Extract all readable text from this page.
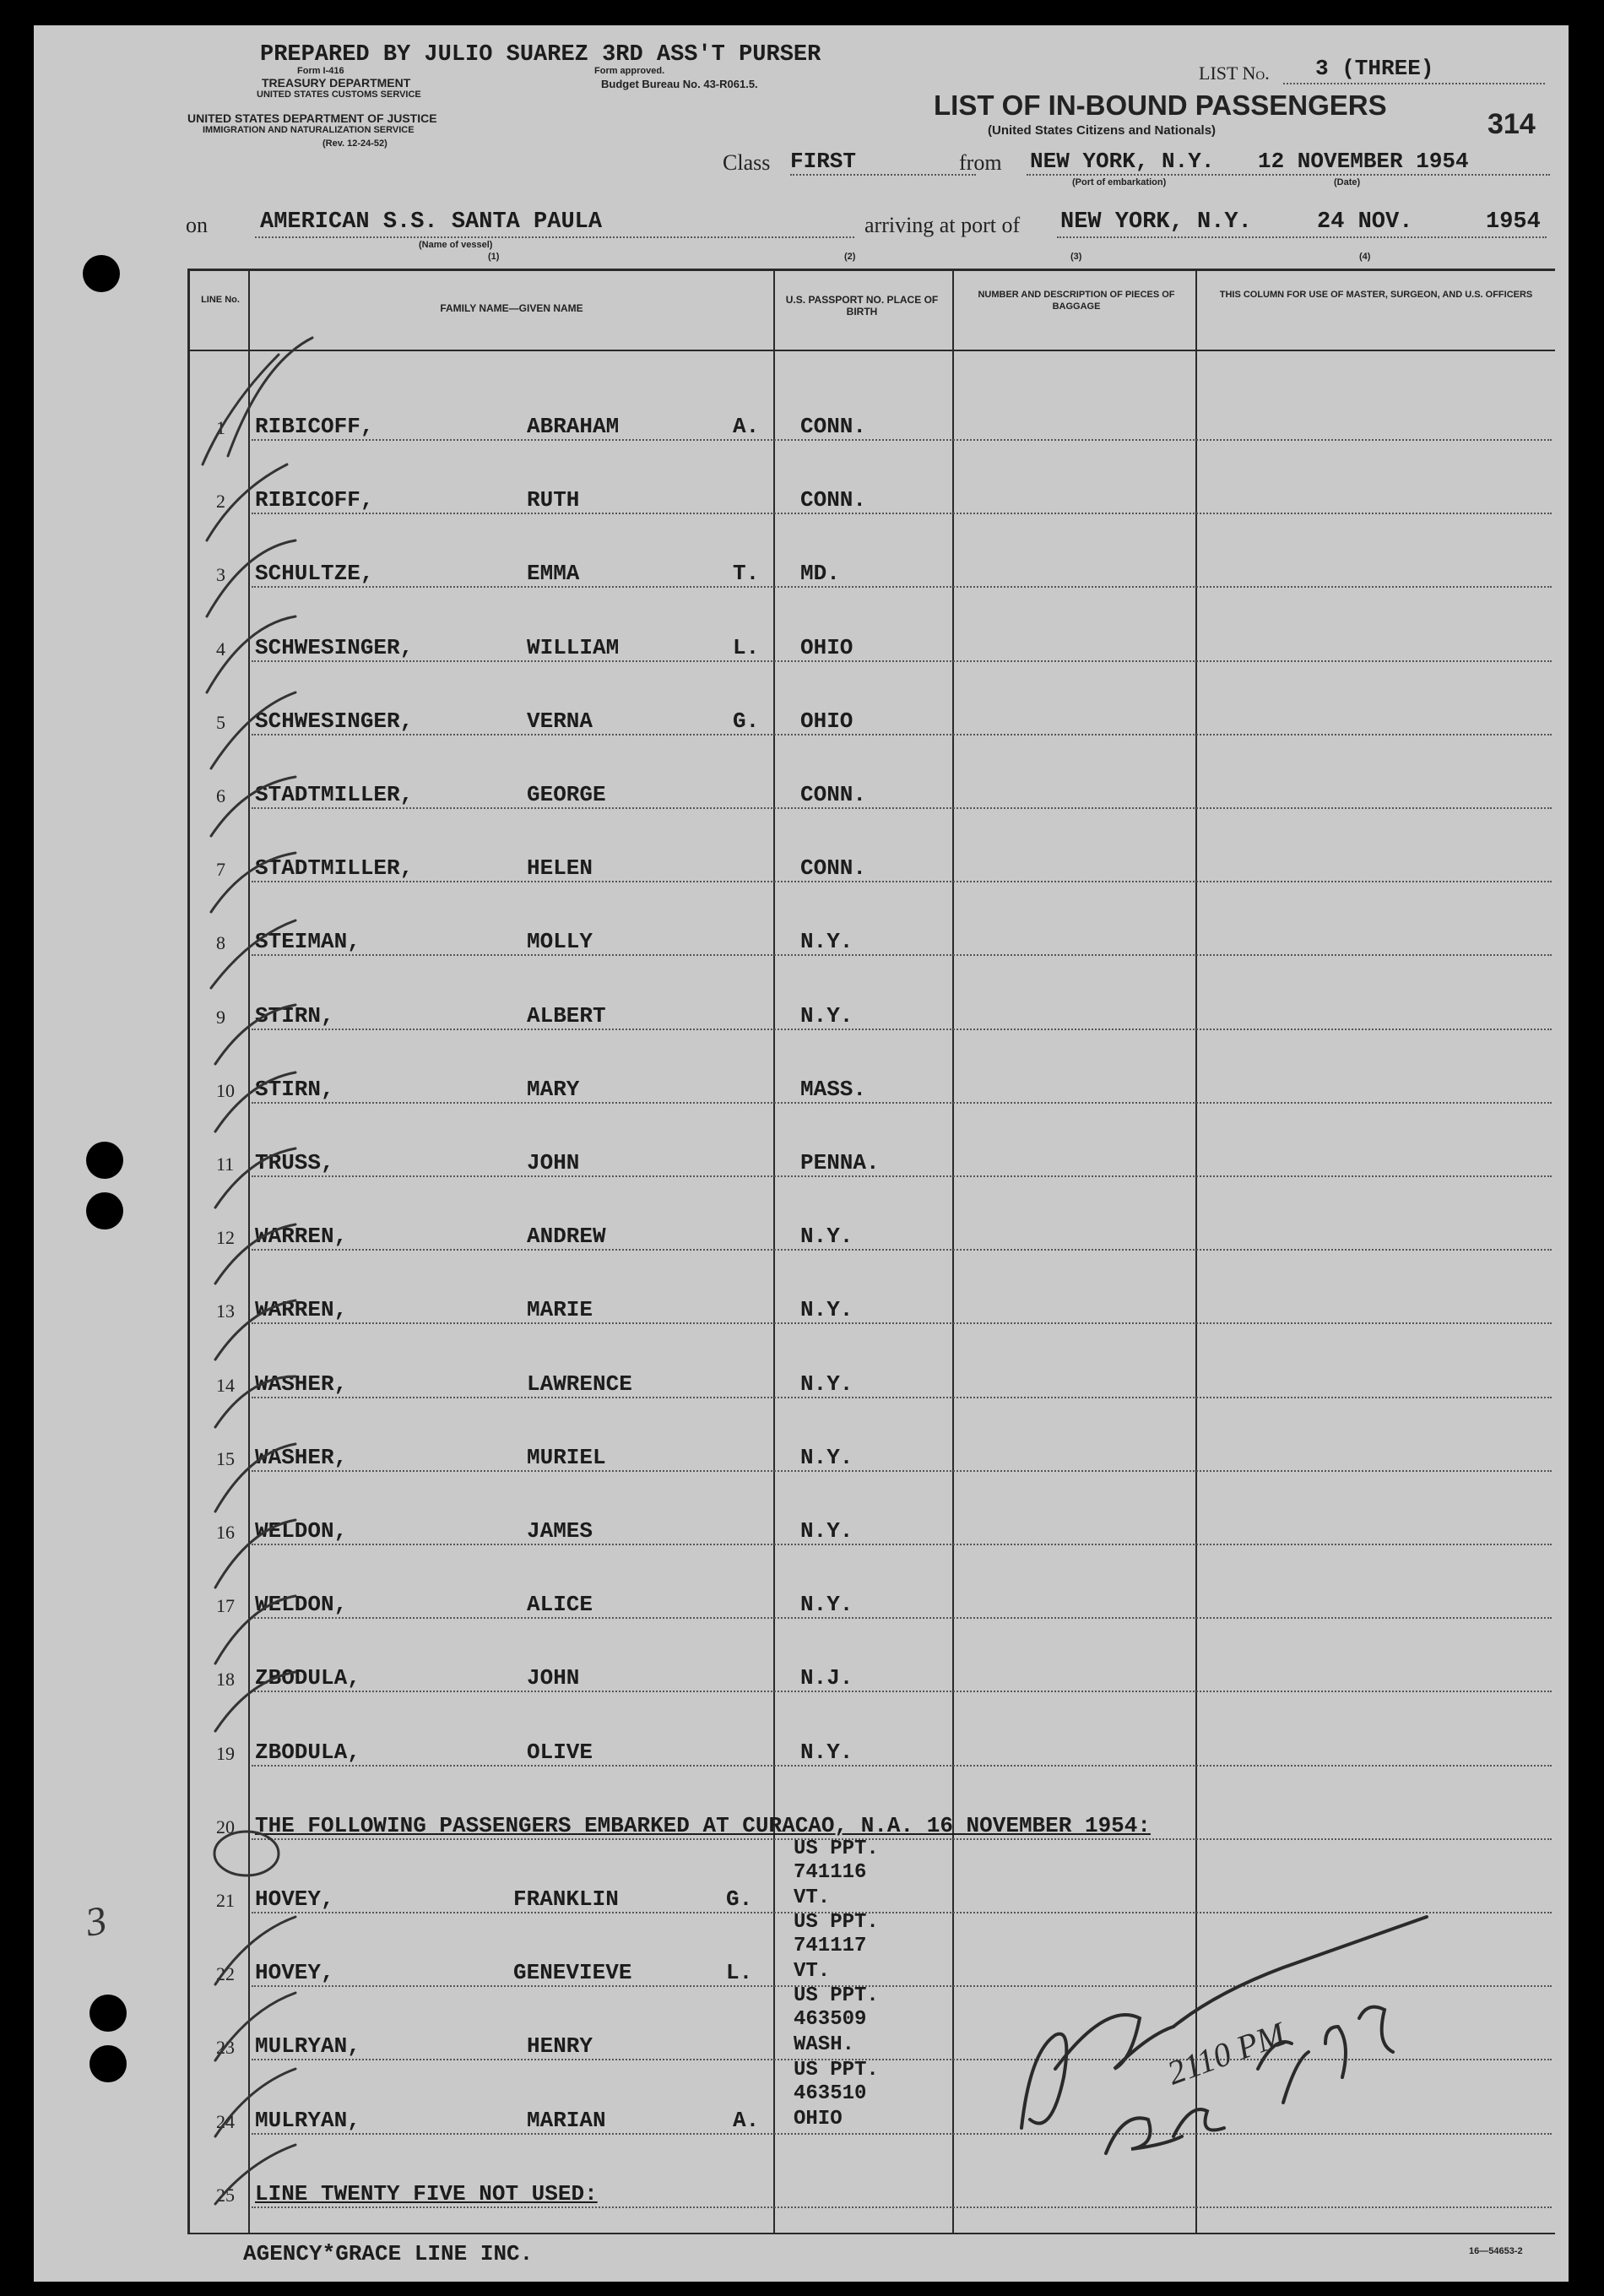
PREPARED BY JULIO SUAREZ 3RD ASS'T PURSER
Form I-416
TREASURY DEPARTMENT
UNITED STATES CUSTOMS SERVICE
Form approved.
Budget Bureau No. 43-R061.5.
UNITED STATES DEPARTMENT OF JUSTICE
IMMIGRATION AND NATURALIZATION SERVICE
(Rev. 12-24-52)
LIST No. 3 (THREE)
LIST OF IN-BOUND PASSENGERS
(United States Citizens and Nationals)	314
Class FIRST	from NEW YORK, N.Y. 12 NOVEMBER 1954
(Port of embarkation)	(Date)
on AMERICAN S.S. SANTA PAULA
(Name of vessel)
arriving at port of NEW YORK, N.Y.	24 NOV.	1954
(1)	(2)	(3)	(4)
LINE No.
FAMILY NAME—GIVEN NAME
U.S. PASSPORT NO. PLACE OF BIRTH
NUMBER AND DESCRIPTION OF PIECES OF BAGGAGE
THIS COLUMN FOR USE OF MASTER, SURGEON, AND U.S. OFFICERS
1 RIBICOFF,	ABRAHAM	A. CONN.
2 RIBICOFF,	RUTH	CONN.
3 SCHULTZE,	EMMA	T. MD.
4 SCHWESINGER,	WILLIAM	L. OHIO
5 SCHWESINGER,	VERNA	G. OHIO
6 STADTMILLER,	GEORGE	CONN.
7 STADTMILLER,	HELEN	CONN.
8 STEIMAN,	MOLLY	N.Y.
9 STIRN,	ALBERT	N.Y.
10 STIRN,	MARY	MASS.
11 TRUSS,	JOHN	PENNA.
12 WARREN,	ANDREW	N.Y.
13 WARREN,	MARIE	N.Y.
14 WASHER,	LAWRENCE	N.Y.
15 WASHER,	MURIEL	N.Y.
16 WELDON,	JAMES	N.Y.
17 WELDON,	ALICE	N.Y.
18 ZBODULA,	JOHN	N.J.
19 ZBODULA,	OLIVE	N.Y.
20 THE FOLLOWING PASSENGERS EMBARKED AT CURACAO, N.A. 16 NOVEMBER 1954:
21 HOVEY,	FRANKLIN	G.
US PPT. 741116
VT.
22 HOVEY,	GENEVIEVE	L.
US PPT. 741117
VT.
23 MULRYAN,	HENRY
US PPT. 463509
WASH.
24 MULRYAN,	MARIAN	A.
US PPT. 463510
OHIO
25 LINE TWENTY FIVE NOT USED:
3
2110 PM
AGENCY*GRACE LINE INC.	16—54653-2
